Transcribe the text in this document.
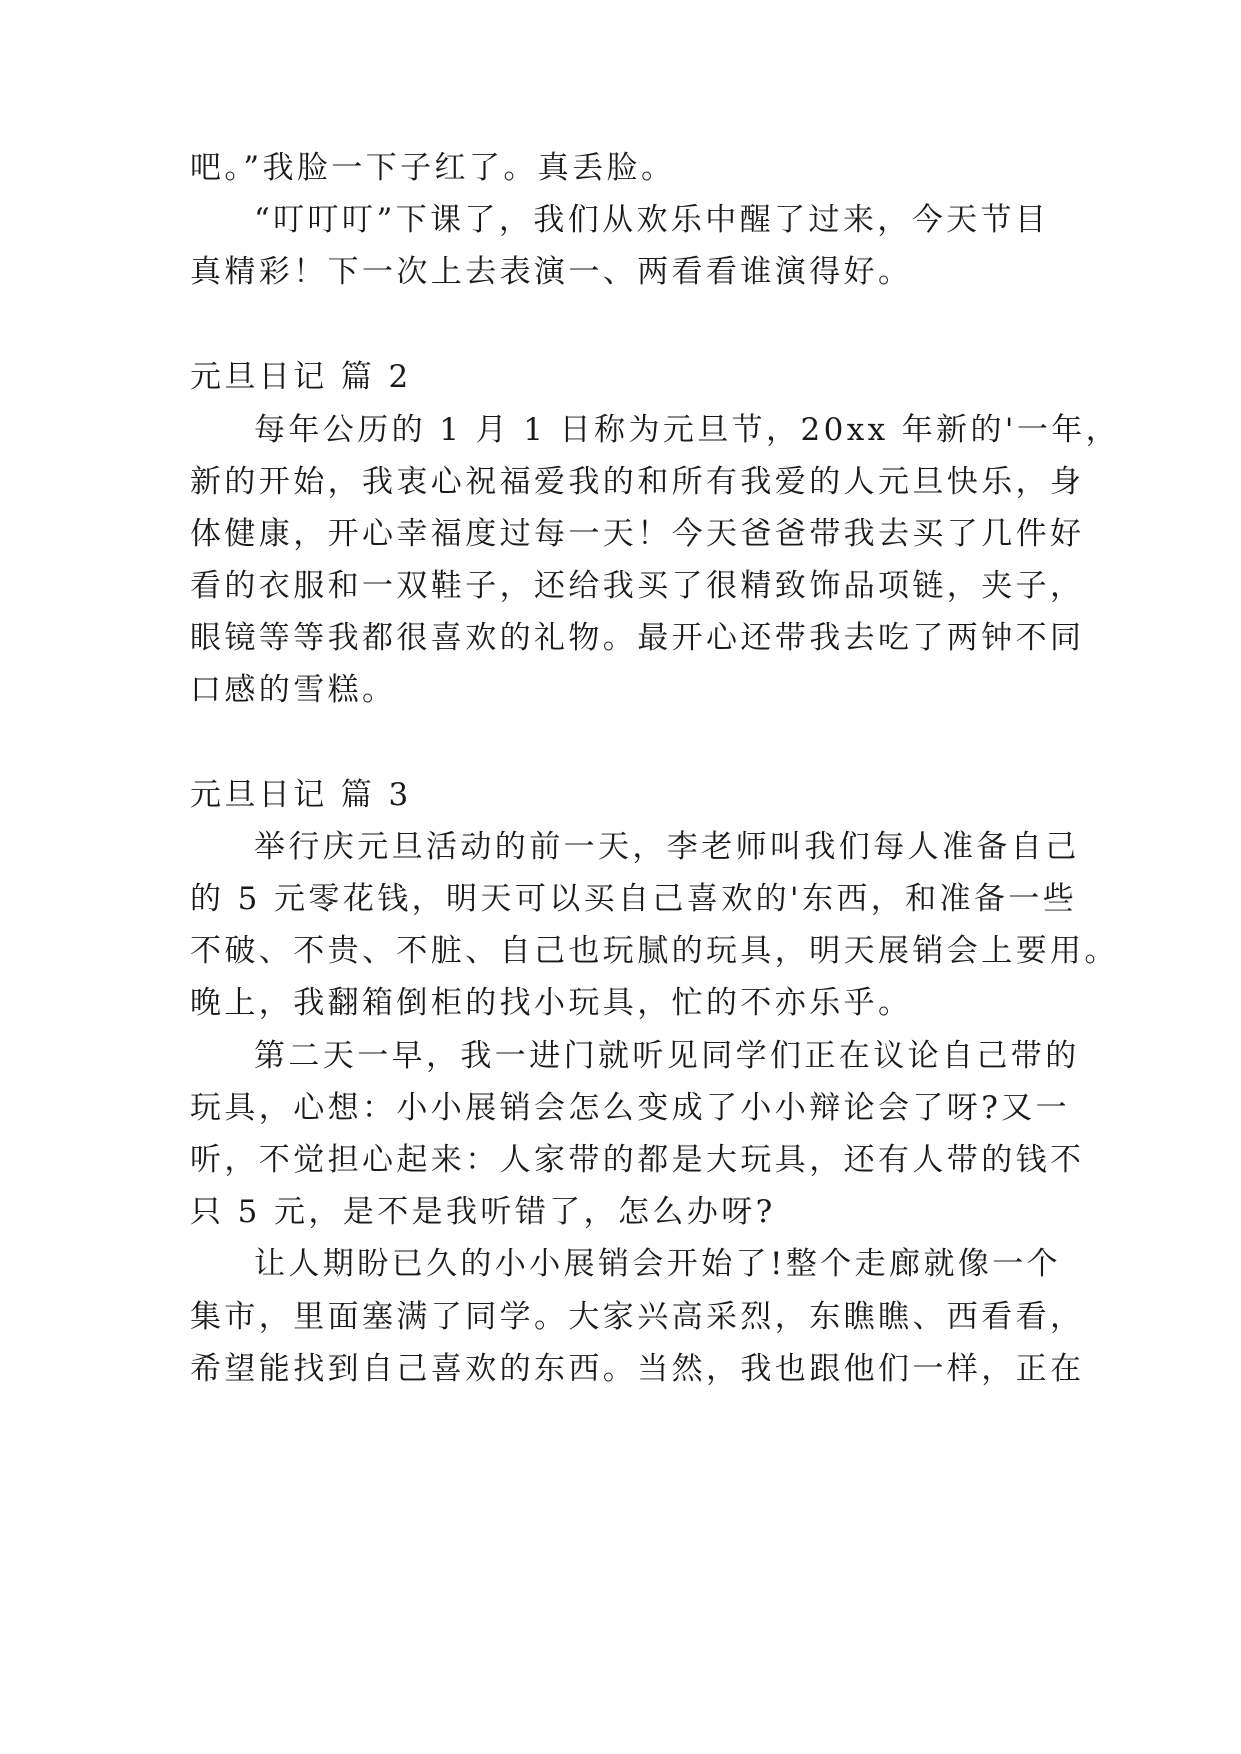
吧。”我脸一下子红了。真丢脸。
“叮叮叮”下课了，我们从欢乐中醒了过来，今天节目
真精彩！下一次上去表演一、两看看谁演得好。
元旦日记 篇 2
每年公历的 1 月 1 日称为元旦节，20xx 年新的'一年，
新的开始，我衷心祝福爱我的和所有我爱的人元旦快乐，身
体健康，开心幸福度过每一天！今天爸爸带我去买了几件好
看的衣服和一双鞋子，还给我买了很精致饰品项链，夹子，
眼镜等等我都很喜欢的礼物。最开心还带我去吃了两钟不同
口感的雪糕。
元旦日记 篇 3
举行庆元旦活动的前一天，李老师叫我们每人准备自己
的 5 元零花钱，明天可以买自己喜欢的'东西，和准备一些
不破、不贵、不脏、自己也玩腻的玩具，明天展销会上要用。
晚上，我翻箱倒柜的找小玩具，忙的不亦乐乎。
第二天一早，我一进门就听见同学们正在议论自己带的
玩具，心想：小小展销会怎么变成了小小辩论会了呀?又一
听，不觉担心起来：人家带的都是大玩具，还有人带的钱不
只 5 元，是不是我听错了，怎么办呀?
让人期盼已久的小小展销会开始了!整个走廊就像一个
集市，里面塞满了同学。大家兴高采烈，东瞧瞧、西看看，
希望能找到自己喜欢的东西。当然，我也跟他们一样，正在
